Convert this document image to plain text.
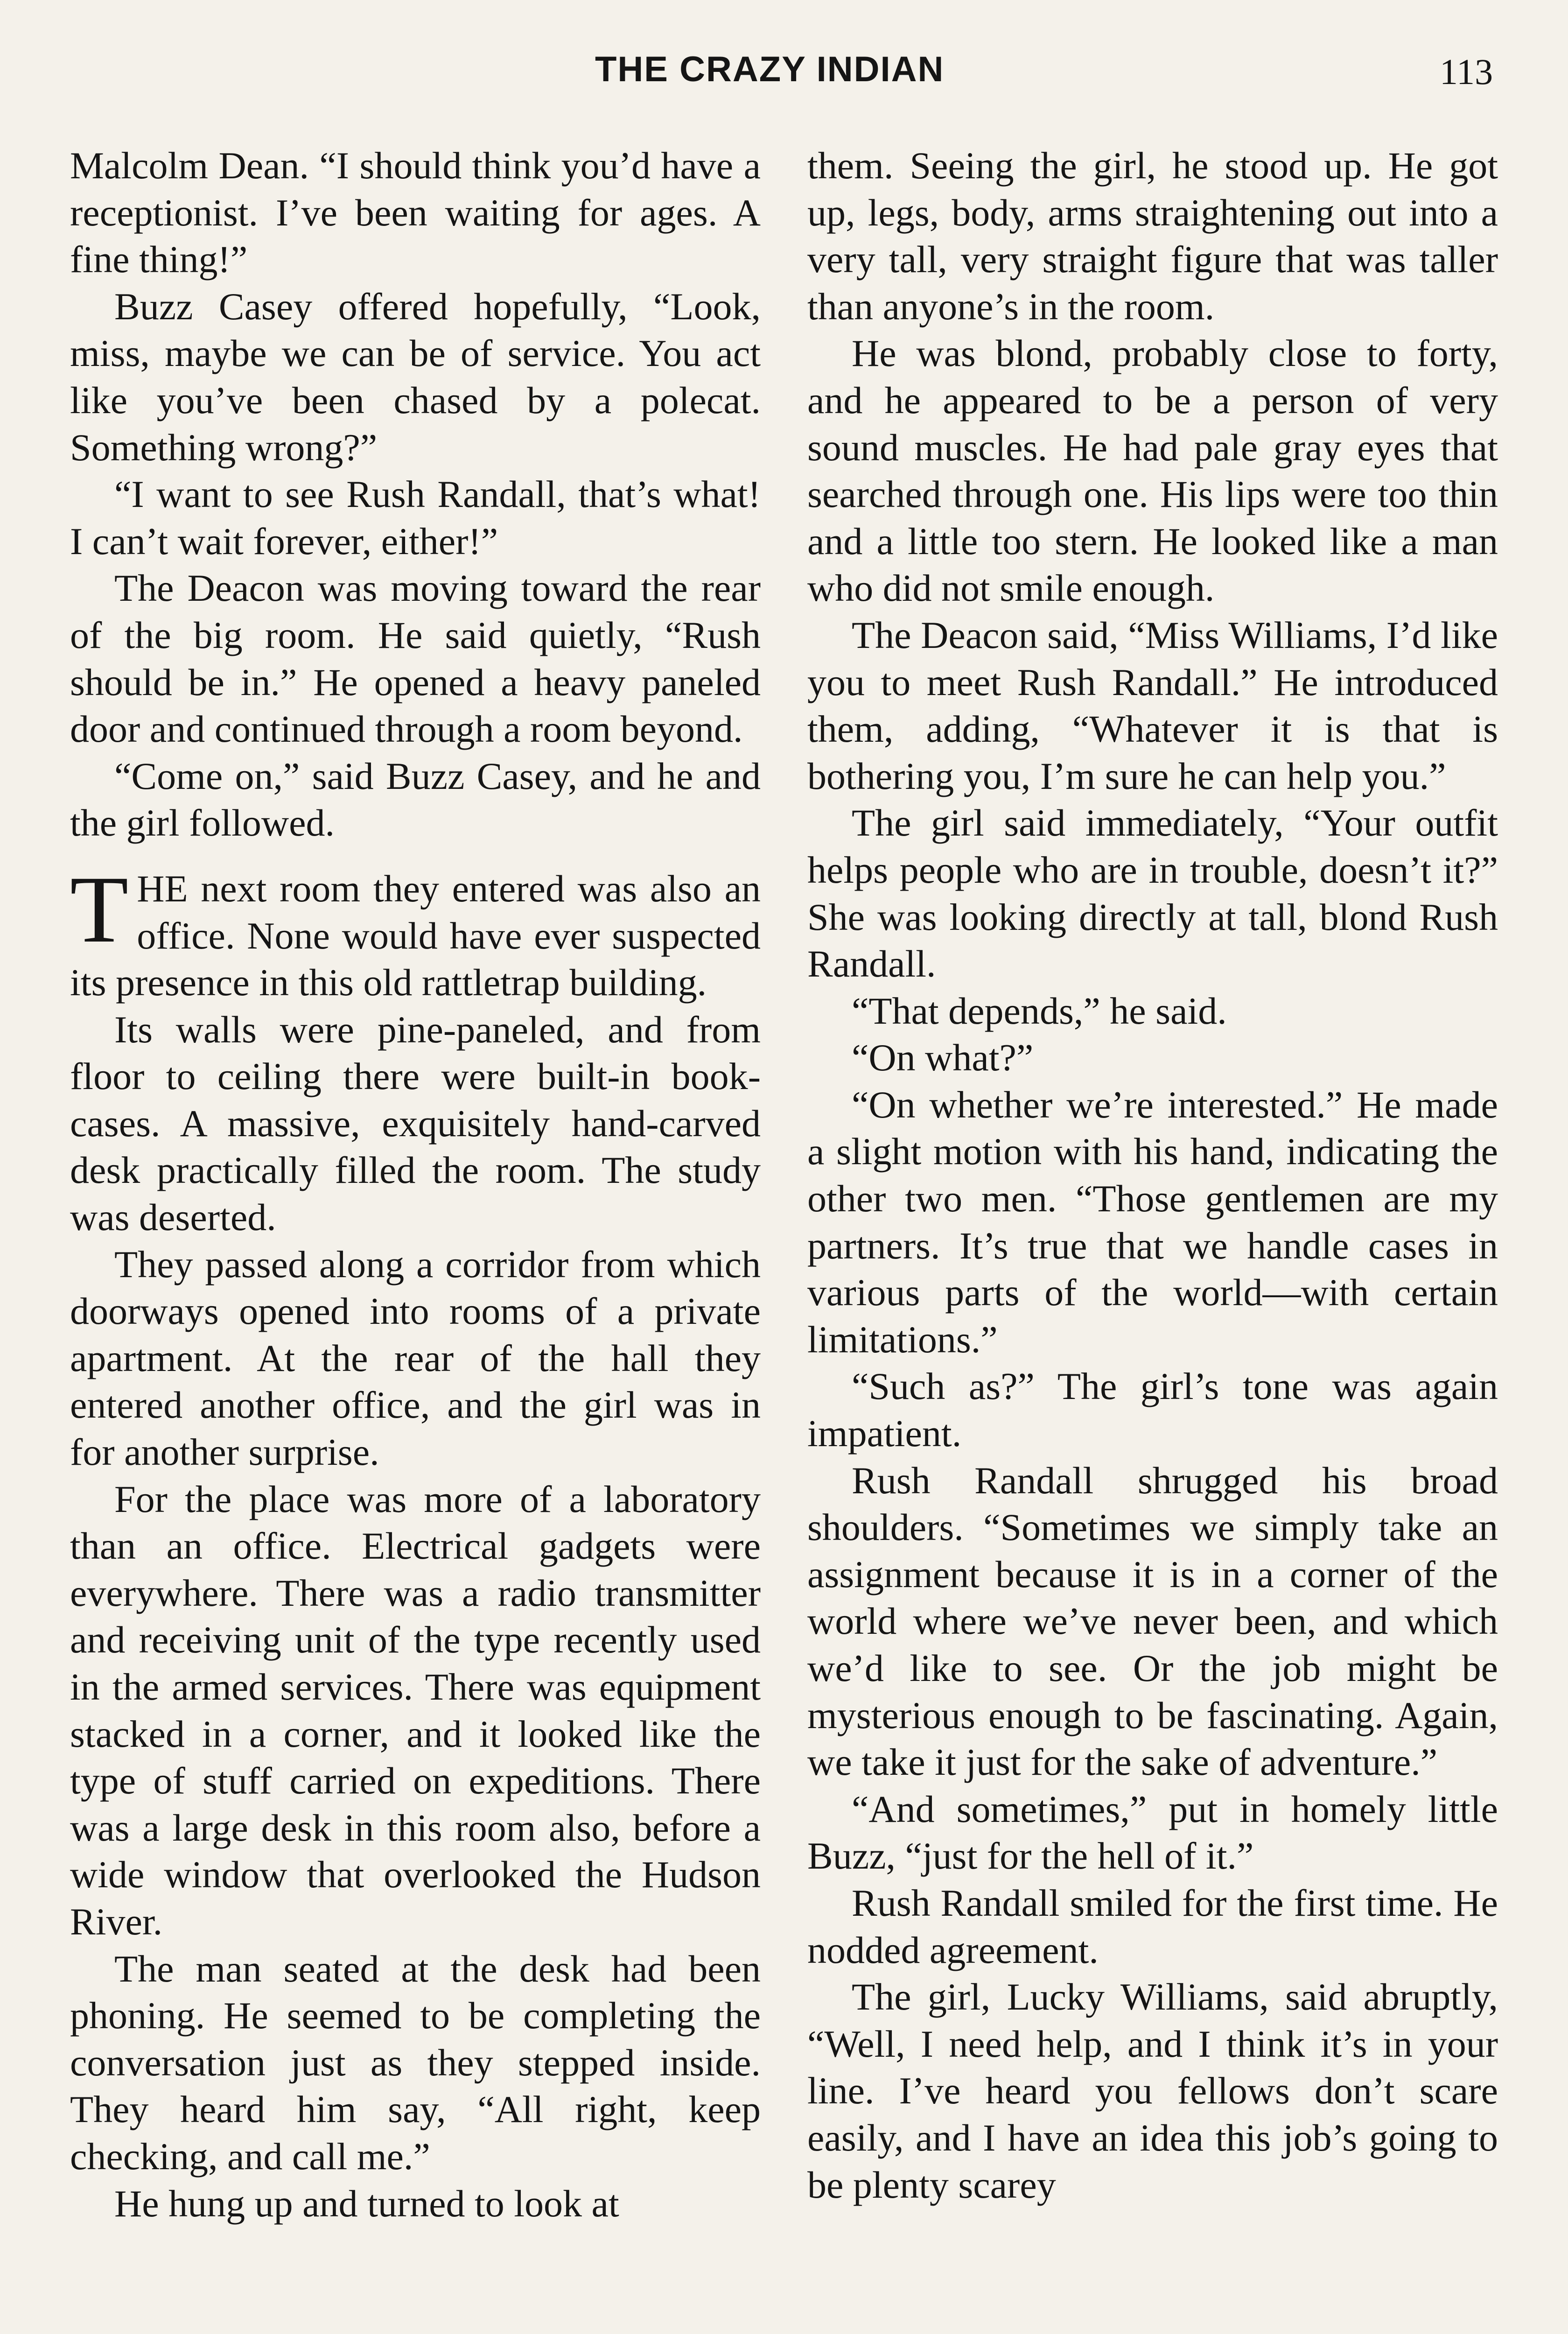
THE CRAZY INDIAN	113

Malcolm Dean. “I should think you’d have a receptionist. I’ve been waiting for ages. A fine thing!”

Buzz Casey offered hopefully, “Look, miss, maybe we can be of service. You act like you’ve been chased by a polecat. Something wrong?”

“I want to see Rush Randall, that’s what! I can’t wait forever, either!”

The Deacon was moving toward the rear of the big room. He said quietly, “Rush should be in.” He opened a heavy paneled door and continued through a room beyond.

“Come on,” said Buzz Casey, and he and the girl followed.

THE next room they entered was also an office. None would have ever suspected its presence in this old rattletrap building.

Its walls were pine-paneled, and from floor to ceiling there were built-in bookcases. A massive, exquisitely hand-carved desk practically filled the room. The study was deserted.

They passed along a corridor from which doorways opened into rooms of a private apartment. At the rear of the hall they entered another office, and the girl was in for another surprise.

For the place was more of a laboratory than an office. Electrical gadgets were everywhere. There was a radio transmitter and receiving unit of the type recently used in the armed services. There was equipment stacked in a corner, and it looked like the type of stuff carried on expeditions. There was a large desk in this room also, before a wide window that overlooked the Hudson River.

The man seated at the desk had been phoning. He seemed to be completing the conversation just as they stepped inside. They heard him say, “All right, keep checking, and call me.”

He hung up and turned to look at

them. Seeing the girl, he stood up. He got up, legs, body, arms straightening out into a very tall, very straight figure that was taller than anyone’s in the room.

He was blond, probably close to forty, and he appeared to be a person of very sound muscles. He had pale gray eyes that searched through one. His lips were too thin and a little too stern. He looked like a man who did not smile enough.

The Deacon said, “Miss Williams, I’d like you to meet Rush Randall.” He introduced them, adding, “Whatever it is that is bothering you, I’m sure he can help you.”

The girl said immediately, “Your outfit helps people who are in trouble, doesn’t it?” She was looking directly at tall, blond Rush Randall.

“That depends,” he said.

“On what?”

“On whether we’re interested.” He made a slight motion with his hand, indicating the other two men. “Those gentlemen are my partners. It’s true that we handle cases in various parts of the world—with certain limitations.”

“Such as?” The girl’s tone was again impatient.

Rush Randall shrugged his broad shoulders. “Sometimes we simply take an assignment because it is in a corner of the world where we’ve never been, and which we’d like to see. Or the job might be mysterious enough to be fascinating. Again, we take it just for the sake of adventure.”

“And sometimes,” put in homely little Buzz, “just for the hell of it.”

Rush Randall smiled for the first time. He nodded agreement.

The girl, Lucky Williams, said abruptly, “Well, I need help, and I think it’s in your line. I’ve heard you fellows don’t scare easily, and I have an idea this job’s going to be plenty scarey
